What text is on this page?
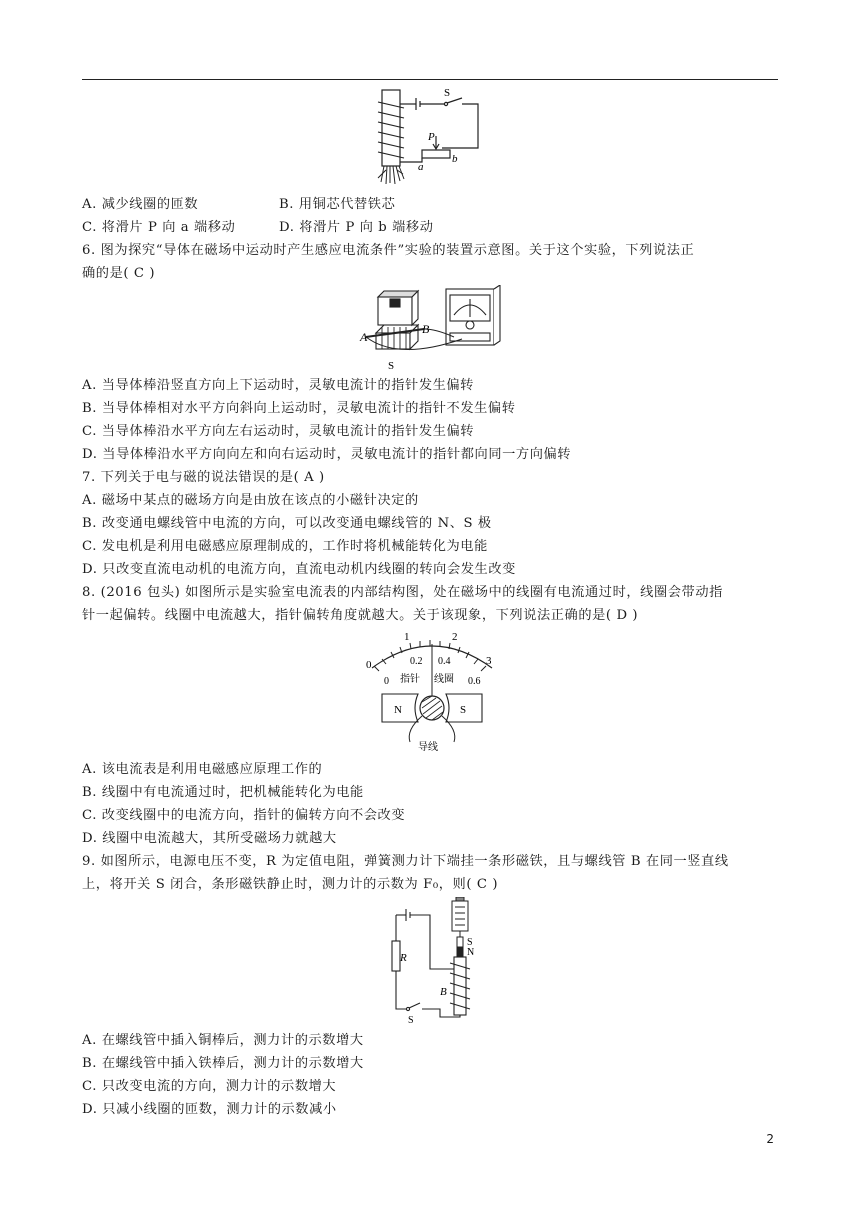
S
P
a
b
A. 减少线圈的匝数	B. 用铜芯代替铁芯
C. 将滑片 P 向 a 端移动	D. 将滑片 P 向 b 端移动
6. 图为探究“导体在磁场中运动时产生感应电流条件”实验的装置示意图。关于这个实验，下列说法正
确的是( C )
A
B
N
S
A. 当导体棒沿竖直方向上下运动时，灵敏电流计的指针发生偏转
B. 当导体棒相对水平方向斜向上运动时，灵敏电流计的指针不发生偏转
C. 当导体棒沿水平方向左右运动时，灵敏电流计的指针发生偏转
D. 当导体棒沿水平方向向左和向右运动时，灵敏电流计的指针都向同一方向偏转
7. 下列关于电与磁的说法错误的是( A )
A. 磁场中某点的磁场方向是由放在该点的小磁针决定的
B. 改变通电螺线管中电流的方向，可以改变通电螺线管的 N、S 极
C. 发电机是利用电磁感应原理制成的，工作时将机械能转化为电能
D. 只改变直流电动机的电流方向，直流电动机内线圈的转向会发生改变
8. (2016 包头) 如图所示是实验室电流表的内部结构图，处在磁场中的线圈有电流通过时，线圈会带动指
针一起偏转。线圈中电流越大，指针偏转角度就越大。关于该现象，下列说法正确的是( D )
0
1	2
3
0
0.2 0.4
0.6
指针 线圈
N	S
导线
A. 该电流表是利用电磁感应原理工作的
B. 线圈中有电流通过时，把机械能转化为电能
C. 改变线圈中的电流方向，指针的偏转方向不会改变
D. 线圈中电流越大，其所受磁场力就越大
9. 如图所示，电源电压不变，R 为定值电阻，弹簧测力计下端挂一条形磁铁，且与螺线管 B 在同一竖直线
上，将开关 S 闭合，条形磁铁静止时，测力计的示数为 F₀，则( C )
R
B
S
S
N
A. 在螺线管中插入铜棒后，测力计的示数增大
B. 在螺线管中插入铁棒后，测力计的示数增大
C. 只改变电流的方向，测力计的示数增大
D. 只减小线圈的匝数，测力计的示数减小
2
